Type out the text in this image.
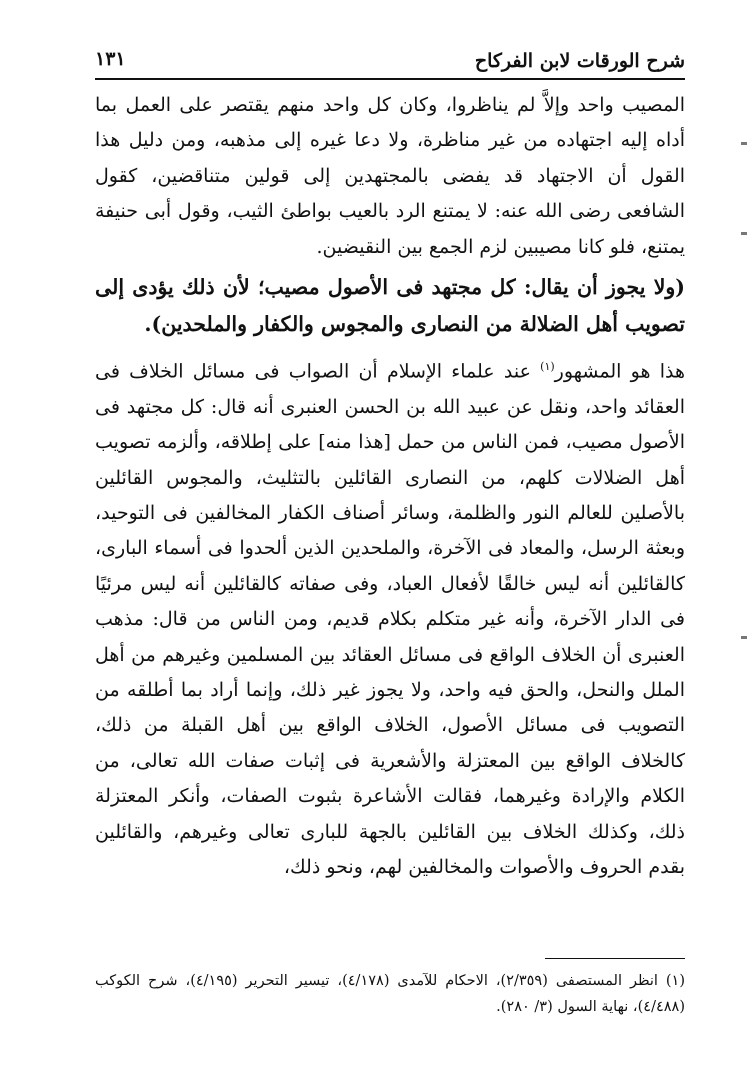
شرح الورقات لابن الفركاح
١٣١

المصيب واحد وإلاَّ لم يناظروا، وكان كل واحد منهم يقتصر على العمل بما أداه إليه اجتهاده من غير مناظرة، ولا دعا غيره إلى مذهبه، ومن دليل هذا القول أن الاجتهاد قد يفضى بالمجتهدين إلى قولين متناقضين، كقول الشافعى رضى الله عنه: لا يمتنع الرد بالعيب بواطئ الثيب، وقول أبى حنيفة يمتنع، فلو كانا مصيبين لزم الجمع بين النقيضين.

(ولا يجوز أن يقال: كل مجتهد فى الأصول مصيب؛ لأن ذلك يؤدى إلى تصويب أهل الضلالة من النصارى والمجوس والكفار والملحدين).

هذا هو المشهور$^{(١)}$ عند علماء الإسلام أن الصواب فى مسائل الخلاف فى العقائد واحد، ونقل عن عبيد الله بن الحسن العنبرى أنه قال: كل مجتهد فى الأصول مصيب، فمن الناس من حمل [هذا منه] على إطلاقه، وألزمه تصويب أهل الضلالات كلهم، من النصارى القائلين بالتثليث، والمجوس القائلين بالأصلين للعالم النور والظلمة، وسائر أصناف الكفار المخالفين فى التوحيد، وبعثة الرسل، والمعاد فى الآخرة، والملحدين الذين ألحدوا فى أسماء البارى، كالقائلين أنه ليس خالقًا لأفعال العباد، وفى صفاته كالقائلين أنه ليس مرئيًا فى الدار الآخرة، وأنه غير متكلم بكلام قديم، ومن الناس من قال: مذهب العنبرى أن الخلاف الواقع فى مسائل العقائد بين المسلمين وغيرهم من أهل الملل والنحل، والحق فيه واحد، ولا يجوز غير ذلك، وإنما أراد بما أطلقه من التصويب فى مسائل الأصول، الخلاف الواقع بين أهل القبلة من ذلك، كالخلاف الواقع بين المعتزلة والأشعرية فى إثبات صفات الله تعالى، من الكلام والإرادة وغيرهما، فقالت الأشاعرة بثبوت الصفات، وأنكر المعتزلة ذلك، وكذلك الخلاف بين القائلين بالجهة للبارى تعالى وغيرهم، والقائلين بقدم الحروف والأصوات والمخالفين لهم، ونحو ذلك،

(١) انظر المستصفى (٢/٣٥٩)، الاحكام للآمدى (٤/١٧٨)، تيسير التحرير (٤/١٩٥)، شرح الكوكب (٤/٤٨٨)، نهاية السول (٣/ ٢٨٠).
